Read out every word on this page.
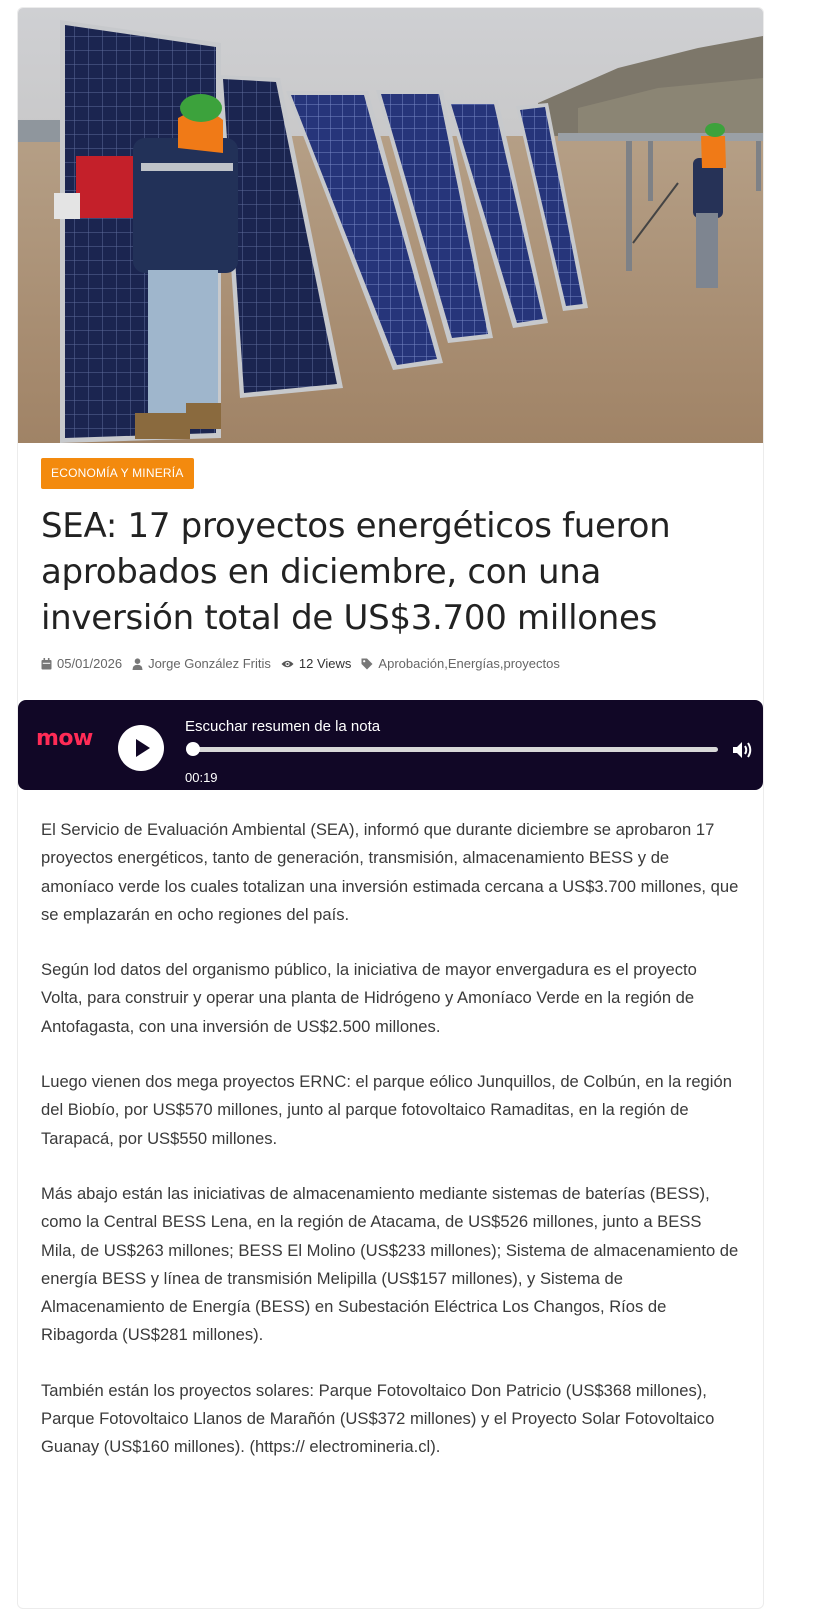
ECONOMÍA Y MINERÍA
SEA: 17 proyectos energéticos fueron aprobados en diciembre, con una inversión total de US$3.700 millones
05/01/2026 Jorge González Fritis 12 Views Aprobación , Energías , proyectos
mow	Escuchar resumen de la nota
00:19

El Servicio de Evaluación Ambiental (SEA), informó que durante diciembre se aprobaron 17 proyectos energéticos, tanto de generación, transmisión, almacenamiento BESS y de amoníaco verde los cuales totalizan una inversión estimada cercana a US$3.700 millones, que se emplazarán en ocho regiones del país.

Según lod datos del organismo público, la iniciativa de mayor envergadura es el proyecto Volta, para construir y operar una planta de Hidrógeno y Amoníaco Verde en la región de Antofagasta, con una inversión de US$2.500 millones.

Luego vienen dos mega proyectos ERNC: el parque eólico Junquillos, de Colbún, en la región del Biobío, por US$570 millones, junto al parque fotovoltaico Ramaditas, en la región de Tarapacá, por US$550 millones.

Más abajo están las iniciativas de almacenamiento mediante sistemas de baterías (BESS), como la Central BESS Lena, en la región de Atacama, de US$526 millones, junto a BESS Mila, de US$263 millones; BESS El Molino (US$233 millones); Sistema de almacenamiento de energía BESS y línea de transmisión Melipilla (US$157 millones), y Sistema de Almacenamiento de Energía (BESS) en Subestación Eléctrica Los Changos, Ríos de Ribagorda (US$281 millones).

También están los proyectos solares: Parque Fotovoltaico Don Patricio (US$368 millones), Parque Fotovoltaico Llanos de Marañón (US$372 millones) y el Proyecto Solar Fotovoltaico Guanay (US$160 millones). (https:// electromineria.cl).
